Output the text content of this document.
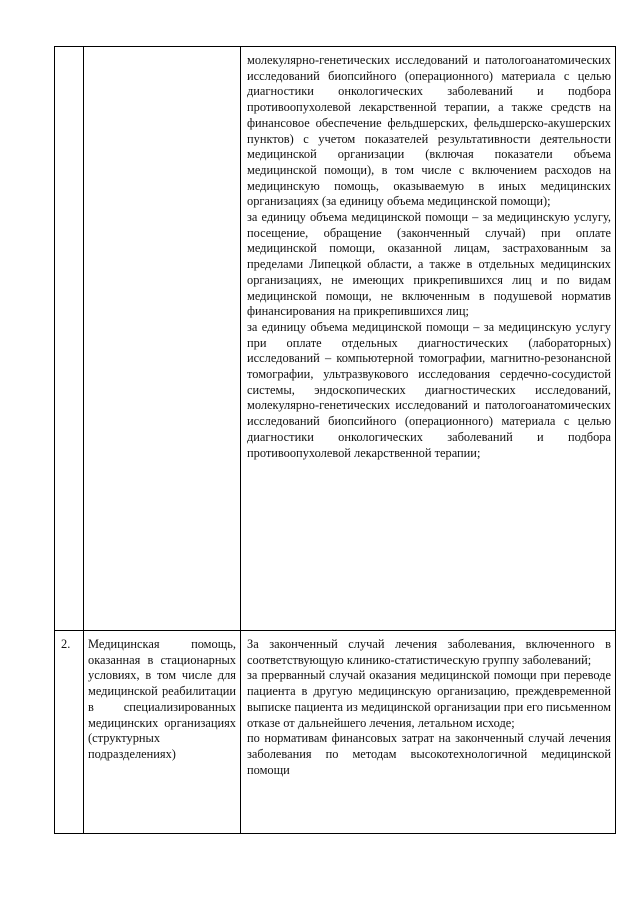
молекулярно-генетических исследований и патологоанатомических исследований биопсийного (операционного) материала с целью диагностики онкологических заболеваний и подбора противоопухолевой лекарственной терапии, а также средств на финансовое обеспечение фельдшерских, фельдшерско-акушерских пунктов) с учетом показателей результативности деятельности медицинской организации (включая показатели объема медицинской помощи), в том числе с включением расходов на медицинскую помощь, оказываемую в иных медицинских организациях (за единицу объема медицинской помощи);

за единицу объема медицинской помощи – за медицинскую услугу, посещение, обращение (законченный случай) при оплате медицинской помощи, оказанной лицам, застрахованным за пределами Липецкой области, а также в отдельных медицинских организациях, не имеющих прикрепившихся лиц и по видам медицинской помощи, не включенным в подушевой норматив финансирования на прикрепившихся лиц;

за единицу объема медицинской помощи – за медицинскую услугу при оплате отдельных диагностических (лабораторных) исследований – компьютерной томографии, магнитно-резонансной томографии, ультразвукового исследования сердечно-сосудистой системы, эндоскопических диагностических исследований, молекулярно-генетических исследований и патологоанатомических исследований биопсийного (операционного) материала с целью диагностики онкологических заболеваний и подбора противоопухолевой лекарственной терапии;

2.	Медицинская помощь, оказанная в стационарных условиях, в том числе для медицинской реабилитации в специализированных медицинских организациях (структурных подразделениях)

За законченный случай лечения заболевания, включенного в соответствующую клинико-статистическую группу заболеваний;

за прерванный случай оказания медицинской помощи при переводе пациента в другую медицинскую организацию, преждевременной выписке пациента из медицинской организации при его письменном отказе от дальнейшего лечения, летальном исходе;

по нормативам финансовых затрат на законченный случай лечения заболевания по методам высокотехнологичной медицинской помощи
